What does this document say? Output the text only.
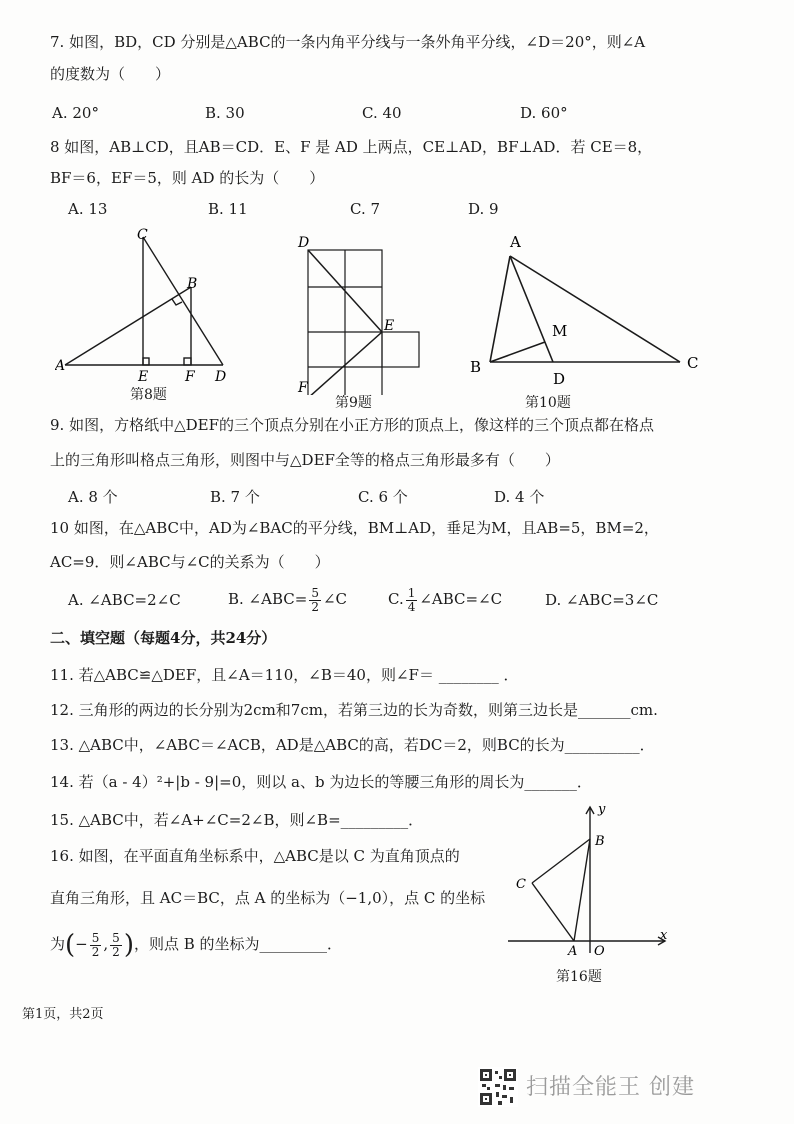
7. 如图，BD，CD 分别是△ABC的一条内角平分线与一条外角平分线，∠D＝20°，则∠A
的度数为（　　）
A. 20°	B. 30	C. 40	D. 60°
8 如图，AB⊥CD，且AB＝CD．E、F 是 AD 上两点，CE⊥AD，BF⊥AD．若 CE＝8，
BF＝6，EF＝5，则 AD 的长为（　　）
A. 13	B. 11	C. 7	D. 9
C
B
A
E	F D
第8题
D
E
F
第9题
A
M
B
D
C
第10题
9. 如图，方格纸中△DEF的三个顶点分别在小正方形的顶点上，像这样的三个顶点都在格点
上的三角形叫格点三角形，则图中与△DEF全等的格点三角形最多有（　　）
A. 8 个	B. 7 个	C. 6 个	D. 4 个
10 如图，在△ABC中，AD为∠BAC的平分线，BM⊥AD，垂足为M，且AB=5，BM=2，
AC=9．则∠ABC与∠C的关系为（　　）
A. ∠ABC=2∠C	B. ∠ABC= $\frac{5}{2}$ ∠C	C. $\frac{1}{4}$ ∠ABC=∠C	D. ∠ABC=3∠C
二、填空题（每题4分，共24分）
11. 若△ABC≌△DEF，且∠A＝110，∠B＝40，则∠F＝ ________ ．
12. 三角形的两边的长分别为2cm和7cm，若第三边的长为奇数，则第三边长是_______cm.
13. △ABC中，∠ABC＝∠ACB，AD是△ABC的高，若DC＝2，则BC的长为__________．
14. 若（a - 4）²+|b - 9|=0，则以 a、b 为边长的等腰三角形的周长为_______．
15. △ABC中，若∠A+∠C=2∠B，则∠B=_________．
16. 如图，在平面直角坐标系中，△ABC是以 C 为直角顶点的
直角三角形，且 AC＝BC，点 A 的坐标为（−1,0），点 C 的坐标
为(− $\frac{5}{2}$ , $\frac{5}{2}$ )，则点 B 的坐标为_________．
y
B
C
A O
x
第16题
第1页，共2页
扫描全能王 创建
